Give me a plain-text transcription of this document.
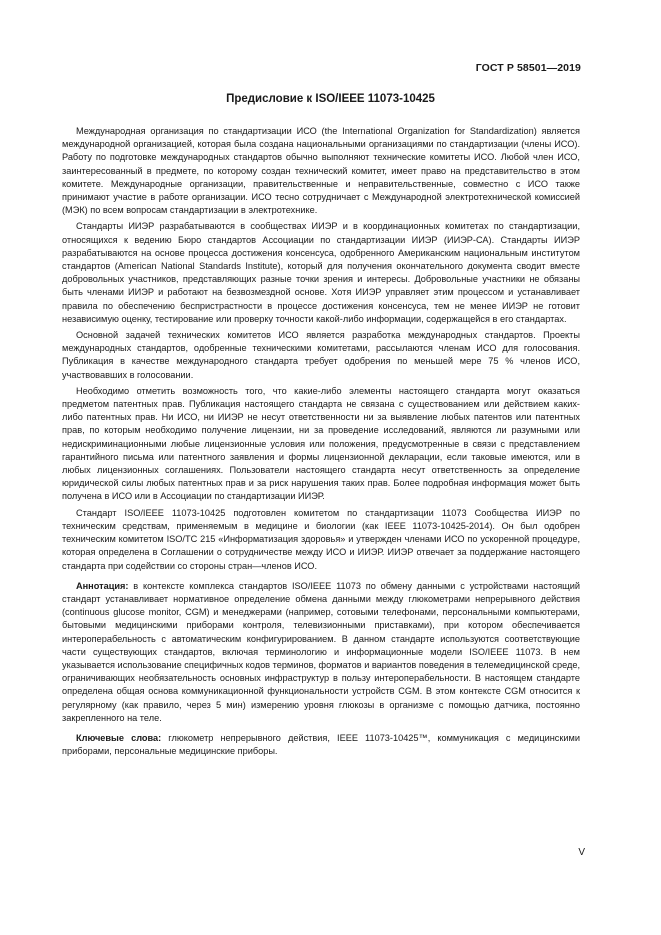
ГОСТ Р 58501—2019
Предисловие к ISO/IEEE 11073-10425

Международная организация по стандартизации ИСО (the International Organization for Standardization) является международной организацией, которая была создана национальными организациями по стандартизации (члены ИСО). Работу по подготовке международных стандартов обычно выполняют технические комитеты ИСО. Любой член ИСО, заинтересованный в предмете, по которому создан технический комитет, имеет право на представительство в этом комитете. Международные организации, правительственные и неправительственные, совместно с ИСО также принимают участие в работе организации. ИСО тесно сотрудничает с Международной электротехнической комиссией (МЭК) по всем вопросам стандартизации в электротехнике.

Стандарты ИИЭР разрабатываются в сообществах ИИЭР и в координационных комитетах по стандартизации, относящихся к ведению Бюро стандартов Ассоциации по стандартизации ИИЭР (ИИЭР-СА). Стандарты ИИЭР разрабатываются на основе процесса достижения консенсуса, одобренного Американским национальным институтом стандартов (American National Standards Institute), который для получения окончательного документа сводит вместе добровольных участников, представляющих разные точки зрения и интересы. Добровольные участники не обязаны быть членами ИИЭР и работают на безвозмездной основе. Хотя ИИЭР управляет этим процессом и устанавливает правила по обеспечению беспристрастности в процессе достижения консенсуса, тем не менее ИИЭР не готовит независимую оценку, тестирование или проверку точности какой-либо информации, содержащейся в его стандартах.

Основной задачей технических комитетов ИСО является разработка международных стандартов. Проекты международных стандартов, одобренные техническими комитетами, рассылаются членам ИСО для голосования. Публикация в качестве международного стандарта требует одобрения по меньшей мере 75 % членов ИСО, участвовавших в голосовании.

Необходимо отметить возможность того, что какие-либо элементы настоящего стандарта могут оказаться предметом патентных прав. Публикация настоящего стандарта не связана с существованием или действием каких-либо патентных прав. Ни ИСО, ни ИИЭР не несут ответственности ни за выявление любых патентов или патентных прав, по которым необходимо получение лицензии, ни за проведение исследований, являются ли разумными или недискриминационными любые лицензионные условия или положения, предусмотренные в связи с представлением гарантийного письма или патентного заявления и формы лицензионной декларации, если таковые имеются, или в любых лицензионных соглашениях. Пользователи настоящего стандарта несут ответственность за определение юридической силы любых патентных прав и за риск нарушения таких прав. Более подробная информация может быть получена в ИСО или в Ассоциации по стандартизации ИИЭР.

Стандарт ISO/IEEE 11073-10425 подготовлен комитетом по стандартизации 11073 Сообщества ИИЭР по техническим средствам, применяемым в медицине и биологии (как IEEE 11073-10425-2014). Он был одобрен техническим комитетом ISO/TC 215 «Информатизация здоровья» и утвержден членами ИСО по ускоренной процедуре, которая определена в Соглашении о сотрудничестве между ИСО и ИИЭР. ИИЭР отвечает за поддержание настоящего стандарта при содействии со стороны стран—членов ИСО.

Аннотация: в контексте комплекса стандартов ISO/IEEE 11073 по обмену данными с устройствами настоящий стандарт устанавливает нормативное определение обмена данными между глюкометрами непрерывного действия (continuous glucose monitor, CGM) и менеджерами (например, сотовыми телефонами, персональными компьютерами, бытовыми медицинскими приборами контроля, телевизионными приставками), при котором обеспечивается интероперабельность с автоматическим конфигурированием. В данном стандарте используются соответствующие части существующих стандартов, включая терминологию и информационные модели ISO/IEEE 11073. В нем указывается использование специфичных кодов терминов, форматов и вариантов поведения в телемедицинской среде, ограничивающих необязательность основных инфраструктур в пользу интероперабельности. В настоящем стандарте определена общая основа коммуникационной функциональности устройств CGM. В этом контексте CGM относится к регулярному (как правило, через 5 мин) измерению уровня глюкозы в организме с помощью датчика, постоянно закрепленного на теле.

Ключевые слова: глюкометр непрерывного действия, IEEE 11073-10425™, коммуникация с медицинскими приборами, персональные медицинские приборы.

V
